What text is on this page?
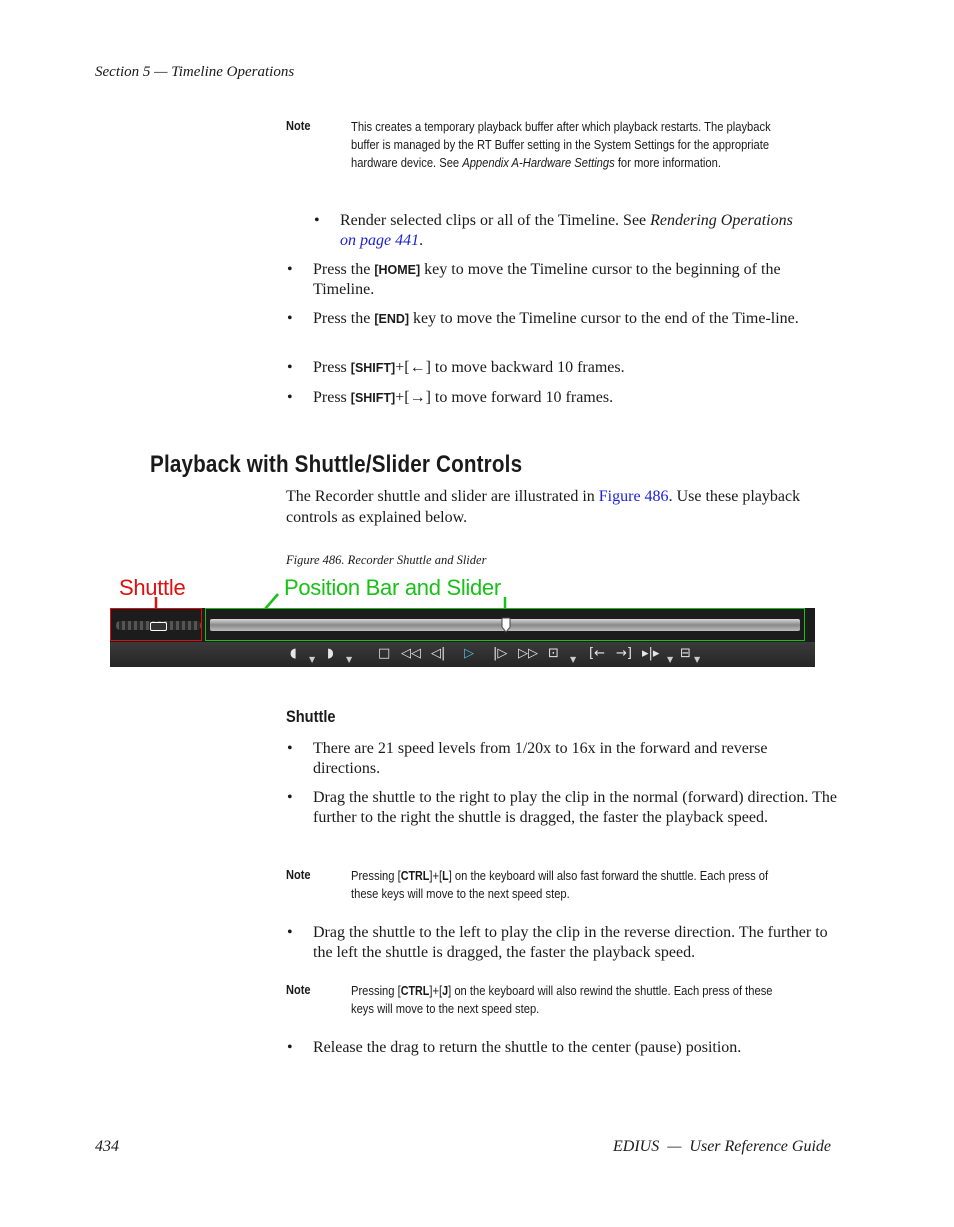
Section 5 — Timeline Operations
Note	This creates a temporary playback buffer after which playback restarts. The playback buffer is managed by the RT Buffer setting in the System Settings for the appropriate hardware device. See Appendix A-Hardware Settings for more information.
• Render selected clips or all of the Timeline. See Rendering Operations
on page 441.
• Press the [HOME] key to move the Timeline cursor to the beginning of the Timeline.
• Press the [END] key to move the Timeline cursor to the end of the Time-line.
• Press [SHIFT]+[←] to move backward 10 frames.
• Press [SHIFT]+[→] to move forward 10 frames.
Playback with Shuttle/Slider Controls
The Recorder shuttle and slider are illustrated in Figure 486. Use these playback controls as explained below.
Figure 486. Recorder Shuttle and Slider
Shuttle	Position Bar and Slider
◖ ▼ ◗ ▼ □ ◁◁ ◁| ▷ |▷ ▷▷ ⊡ ▼ [← →] ▸|▸ ▼ ⊟ ▼
Shuttle
• There are 21 speed levels from 1/20x to 16x in the forward and reverse directions.
• Drag the shuttle to the right to play the clip in the normal (forward) direction. The further to the right the shuttle is dragged, the faster the playback speed.
Note	Pressing [CTRL]+[L] on the keyboard will also fast forward the shuttle. Each press of these keys will move to the next speed step.
• Drag the shuttle to the left to play the clip in the reverse direction. The further to the left the shuttle is dragged, the faster the playback speed.
Note	Pressing [CTRL]+[J] on the keyboard will also rewind the shuttle. Each press of these keys will move to the next speed step.
• Release the drag to return the shuttle to the center (pause) position.
434	EDIUS  —  User Reference Guide
